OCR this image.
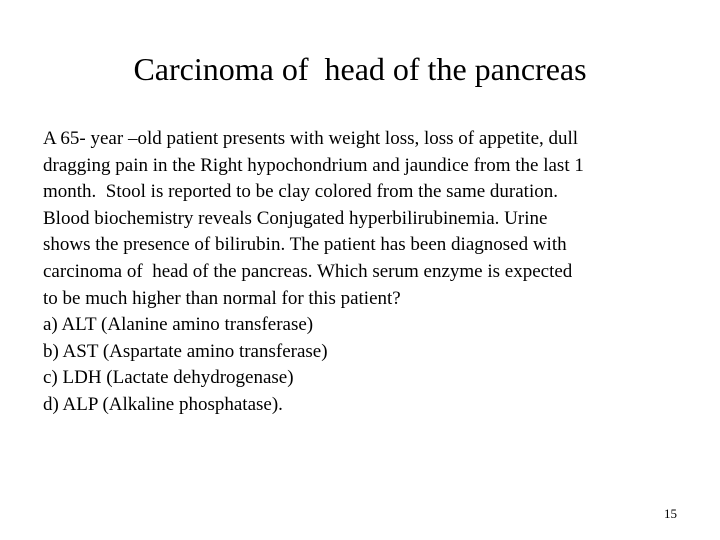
Carcinoma of  head of the pancreas

A 65- year –old patient presents with weight loss, loss of appetite, dull
dragging pain in the Right hypochondrium and jaundice from the last 1
month.  Stool is reported to be clay colored from the same duration.
Blood biochemistry reveals Conjugated hyperbilirubinemia. Urine
shows the presence of bilirubin. The patient has been diagnosed with
carcinoma of  head of the pancreas. Which serum enzyme is expected
to be much higher than normal for this patient?

a) ALT (Alanine amino transferase)
b) AST (Aspartate amino transferase)
c) LDH (Lactate dehydrogenase)
d) ALP (Alkaline phosphatase).
15
